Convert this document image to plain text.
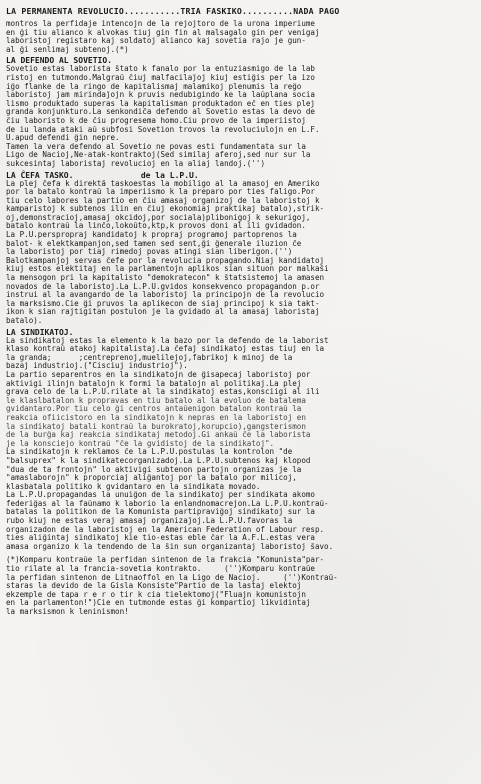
LA PERMANENTA REVOLUCIO...........TRIA FASKIKO..........NADA PAGO
montros la perfidaje intencojn de la rejojtoro de la urona imperiume
en ĝi tiu alianco k alvokas tiuj gin fin al malsagalo gin per venigaj
laboristoj registaro kaj soldatoj alianco kaj sovetia rajo je gun-
al ĝi senlimaj subtenoj.(*)
LA DEFENDO AL SOVETIO.
Sovetio estas laborista ŝtato k fanalo por la entuziasmigo de la lab
ristoj en tutmondo.Malgraŭ ĉiuj malfacilaĵoj kiuj estiĝis per la izo
iĝo flanke de la ringo de kapitalismaj malamikoj plenumis la reĝo
laboristoj jam mirindaĵojn k pruvis nedubigindo ke la laŭplana socia
lismo produktado superas la kapitalisman produktadon eĉ en ties plej
granda konjunkturo.La senkondiĉa defendo al Sovetio estas la devo de
ĉiu laboristo k de ĉiu progresema homo.Ĉiu provo de la imperiistoj
de iu landa ataki aŭ subfosi Sovetion trovos la revoluciulojn en L.F.
U.apud defendi ĝin nepre.
Tamen la vera defendo al Sovetio ne povas esti fundamentata sur la
Ligo de Nacioj,Ne-atak-kontraktoj(Sed similaj aferoj,sed nur sur la
sukcesintaj laboristaj revolucioj en la aliaj landoj.('')
LA ĈEFA TASKO.              de la L.P.U.
La plej ĉefa k direktâ taskoestas la mobiligo al la amasoj en Ameriko
por la batalo kontraŭ la imperiismo k la preparo por ties faligo.Por
tiu celo labores la partio en ĉiu amasaj organizoj de la laboristoj k
kamparistoj k subtenos ilin en ĉiuj ekonomiaj praktikaj batalo),strik-
oj,demonstracioj,amasaj okcidoj,por sociala)plibonigoj k sekurigoj,
batalo kontraŭ la linĉo,lokoŭto,ktp,k provos doni al ili gvidadon.
La P.U.perspropraj kandidatoj k propraj programoj partoprenos la
balot- k elektkampanjon,sed tamen sed sent,ĝi ĝenerale iluzion ĉe
la laboristoj por tiaj rimedoj povas atingi sian liberigon.('')
Balotkampanjoj servas ĉefe por la revolucia propagando.Niaj kandidatoj
kiuj estos elektitaj en la parlamentojn aplikos sian situon por malkaŝi
la mensogon pri la kapitalisto "demokratecon" k ŝtatsistemoj la amasen
novados de la laboristoj.La L.P.U.gvidos konsekvenco propagandon p.or
instrui al la avangardo de la laboristoj la principojn de la revolucio
la marksismo.Ĉie ĝi pruvos la aplikecon de siaj principoj k sia takt-
ikon k sian rajtigitan postulon je la gvidado al la amasaj laboristaj
batalo).
LA SINDIKATOJ.
La sindikatoj estas la elemento k la bazo por la defendo de la laborist
klaso kontraŭ atakoj kapitalistaj.La ĉefaj sindikatoj estas tiuj en la
la granda;      ;centreprenoj,muelilejoj,fabrikoj k minoj de la
bazaj industrioj.("Ĉisciuj industrioj").
La partio separentros en la sindikatojn de ĝisapecaj laboristoj por
aktivigi ilinjn batalojn k formi la batalojn al politikaj.La plej
grava celo de la L.P.U.rilate al la sindikatoj estas,konsciigi al ili
le klaslbatalon k propravas en tiu batalo al la evoluo de batalema
gvidantaro.Por tiu celo ĝi centros antaŭenigon batalon kontraŭ la
reakcia ofiicistoro en la sindikatojn k nepras en la laboristoj en
la sindikatoj batali kontraŭ la burokratoj,korupcio),gangsterismon
de la burĝa kaj reakcia sindikataj metodoj.Ĝi ankaŭ ĉe la laborista
je la konsciejo kontraŭ "ĉe la gvidistoj de la sindikatoj".
La sindikatojn k reklamos ĉe la L.P.U.postulas la kontrolon "de
"balsuprex" k la sindikatecorganizadoj.La L.P.U.subtenos kaj klopod
"dua de ta frontojn" lo aktivigi subtenon partojn organizas je la
"amaslaborojn" k proporciaj aliĝantoj por la batalo por milicoj,
klasbatala politiko k gvidantaro en la sindikata movado.
La L.P.U.propagandas la unuiĝon de la sindikatoj per sindikata akomo
federiĝas al la faŭnamo k laborio la enlandnomacrejon.La L.P.U.kontraŭ-
batalas la politikon de la Komunista partipraviĝoj sindikatoj sur la
rubo kiuj ne estas veraj amasaj organizaĵoj.La L.P.U.favoras la
organizadon de la laboristoj en la American Federation of Labour resp.
ties aliĝintaj sindikatoj kie tio-estas eble ĉar la A.F.L.estas vera
amasa organizo k la tendendo de la ŝin sun organizantaj laboristoj ŝavo.
(*)Komparu kontraŭe la perfidan sintenon de la frakcia "Komunista"par-
tio rilate al la francia-sovetia kontrakto.     ('')Komparu kontraŭe
la perfidan sintenon de Litnaoffol en la Ligo de Nacioj.     ('')Kontraŭ-
staras la devido de la Ĝisla Konsiste"Partio de la lastaj elektoj
ekzemple de tapa r e r o tir k cia tielektomoj("Fluajn komunistojn
en la parlamenton!")Ĉie en tutmonde estas ĝi kompartioj likvidintaj
la marksismon k leninismon!
